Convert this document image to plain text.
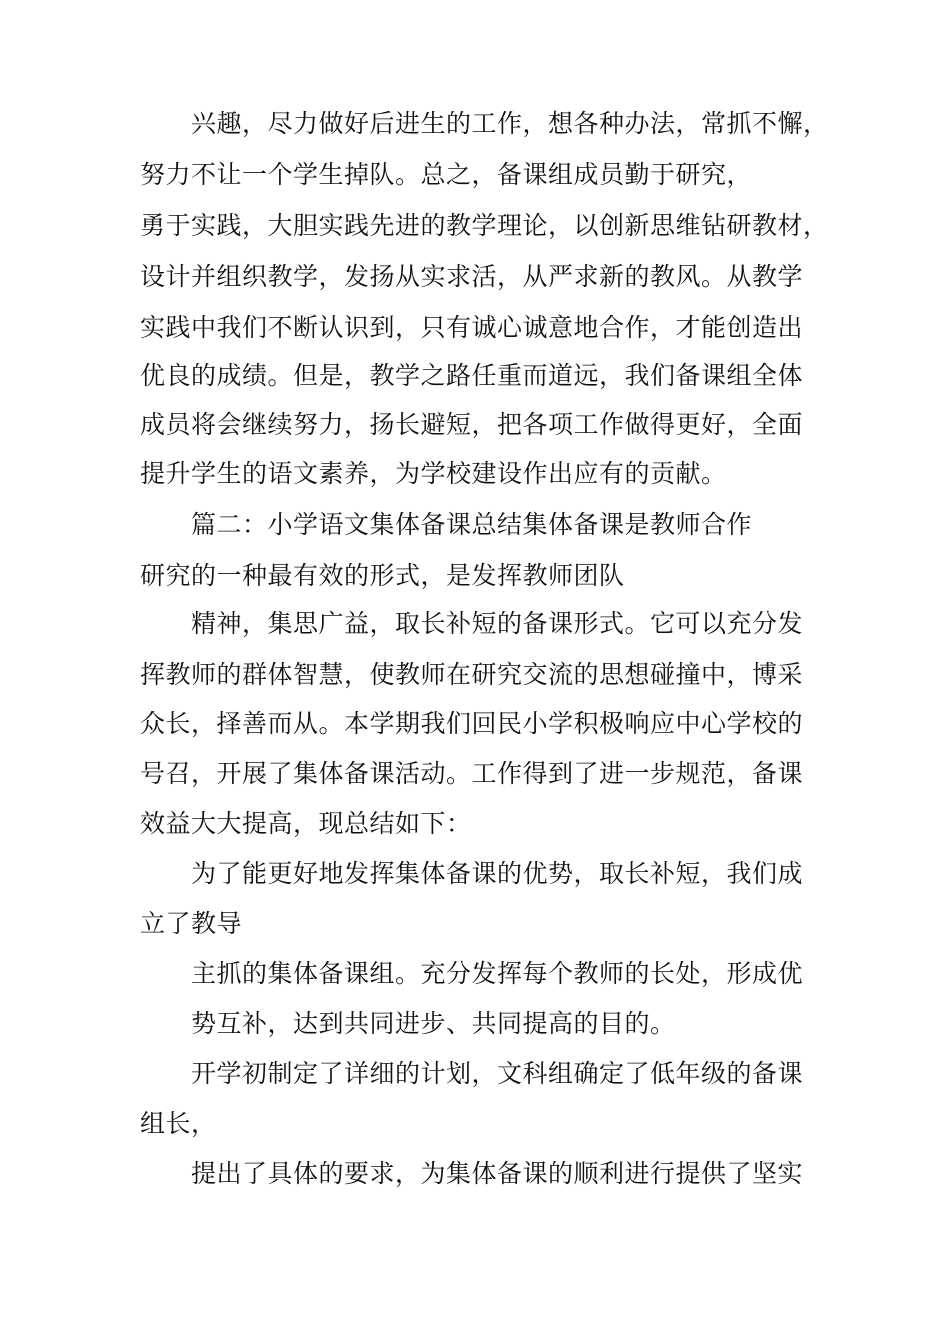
兴趣，尽力做好后进生的工作，想各种办法，常抓不懈，
努力不让一个学生掉队。总之，备课组成员勤于研究，
勇于实践，大胆实践先进的教学理论，以创新思维钻研教材，
设计并组织教学，发扬从实求活，从严求新的教风。从教学
实践中我们不断认识到，只有诚心诚意地合作，才能创造出
优良的成绩。但是，教学之路任重而道远，我们备课组全体
成员将会继续努力，扬长避短，把各项工作做得更好，全面
提升学生的语文素养，为学校建设作出应有的贡献。
篇二：小学语文集体备课总结集体备课是教师合作
研究的一种最有效的形式，是发挥教师团队
精神，集思广益，取长补短的备课形式。它可以充分发
挥教师的群体智慧，使教师在研究交流的思想碰撞中，博采
众长，择善而从。本学期我们回民小学积极响应中心学校的
号召，开展了集体备课活动。工作得到了进一步规范，备课
效益大大提高，现总结如下：
为了能更好地发挥集体备课的优势，取长补短，我们成
立了教导
主抓的集体备课组。充分发挥每个教师的长处，形成优
势互补，达到共同进步、共同提高的目的。
开学初制定了详细的计划，文科组确定了低年级的备课
组长，
提出了具体的要求，为集体备课的顺利进行提供了坚实
